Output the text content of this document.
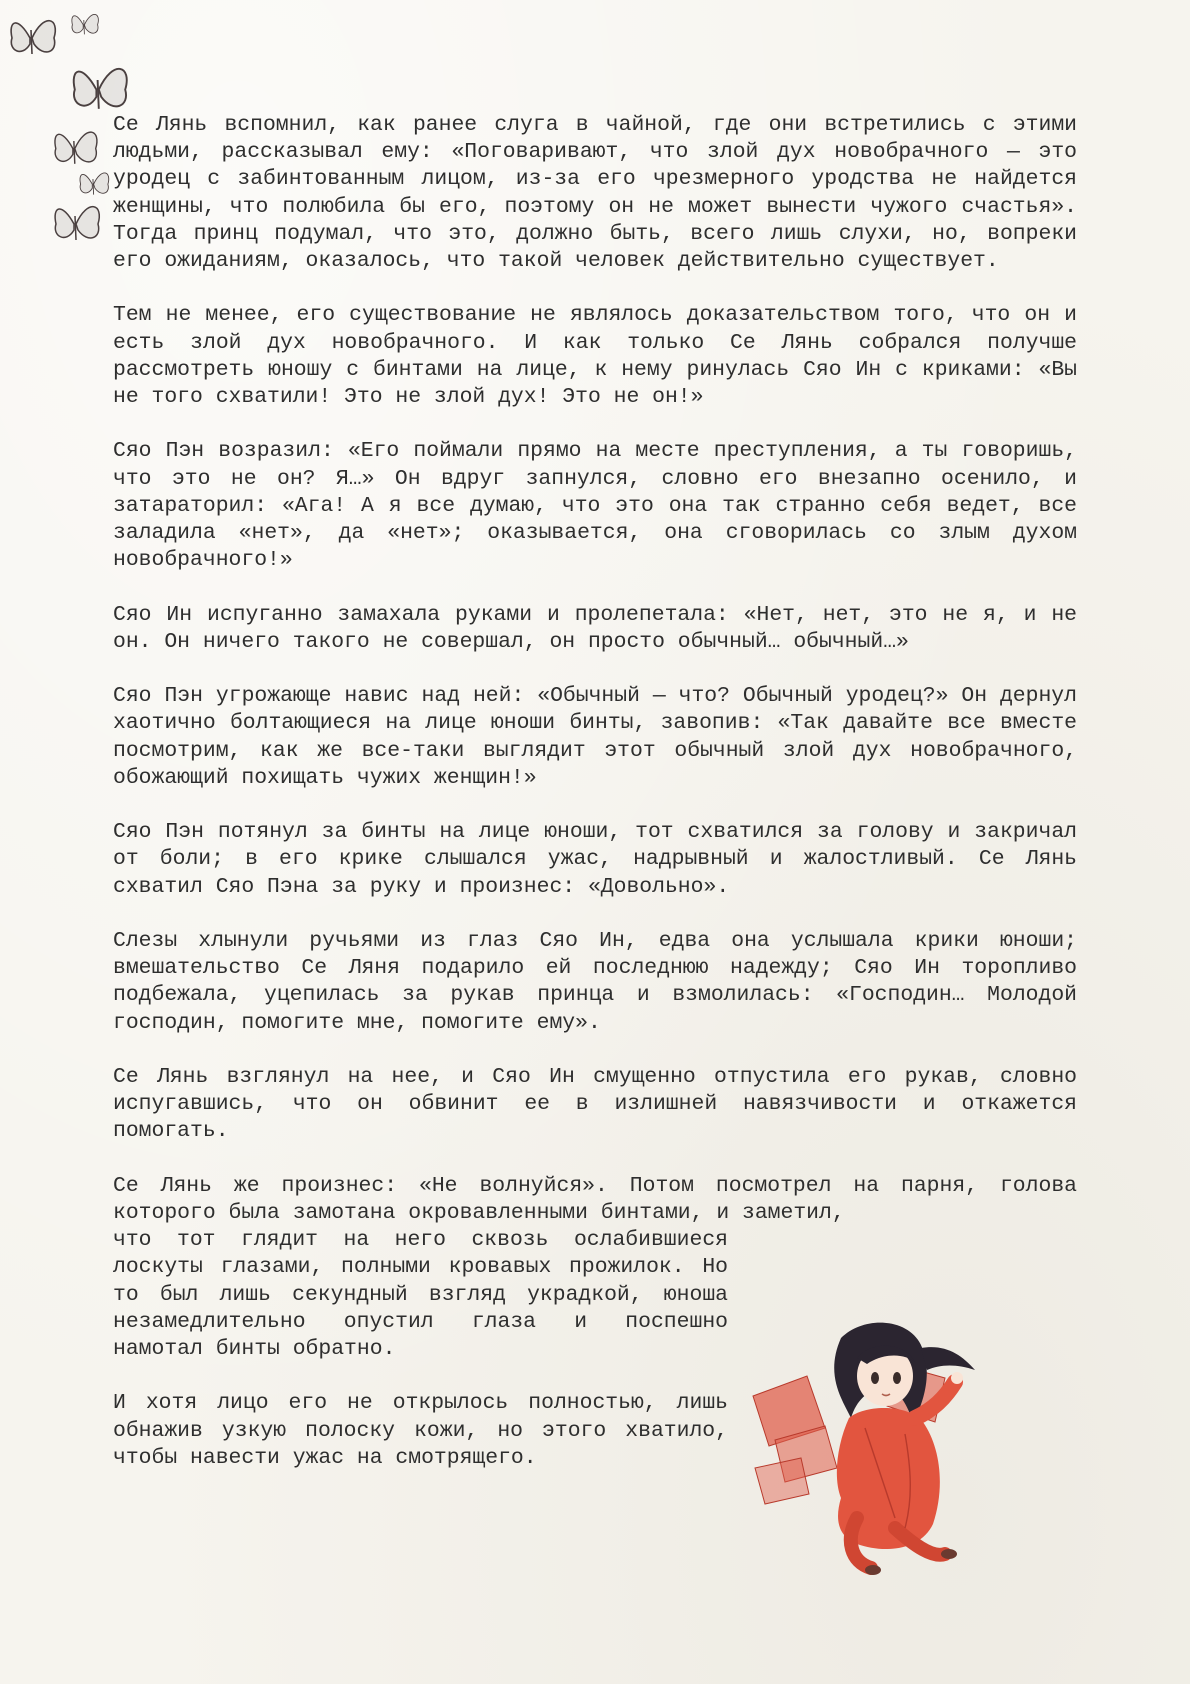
Се Лянь вспомнил, как ранее слуга в чайной, где они встретились с этими людьми, рассказывал ему: «Поговаривают, что злой дух новобрачного — это уродец с забинтованным лицом, из-за его чрезмерного уродства не найдется женщины, что полюбила бы его, поэтому он не может вынести чужого счастья». Тогда принц подумал, что это, должно быть, всего лишь слухи, но, вопреки его ожиданиям, оказалось, что такой человек действительно существует.

Тем не менее, его существование не являлось доказательством того, что он и есть злой дух новобрачного. И как только Се Лянь собрался получше рассмотреть юношу с бинтами на лице, к нему ринулась Сяо Ин с криками: «Вы не того схватили! Это не злой дух! Это не он!»

Сяо Пэн возразил: «Его поймали прямо на месте преступления, а ты говоришь, что это не он? Я…» Он вдруг запнулся, словно его внезапно осенило, и затараторил: «Ага! А я все думаю, что это она так странно себя ведет, все заладила «нет», да «нет»; оказывается, она сговорилась со злым духом новобрачного!»

Сяо Ин испуганно замахала руками и пролепетала: «Нет, нет, это не я, и не он. Он ничего такого не совершал, он просто обычный… обычный…»

Сяо Пэн угрожающе навис над ней: «Обычный — что? Обычный уродец?» Он дернул хаотично болтающиеся на лице юноши бинты, завопив: «Так давайте все вместе посмотрим, как же все-таки выглядит этот обычный злой дух новобрачного, обожающий похищать чужих женщин!»

Сяо Пэн потянул за бинты на лице юноши, тот схватился за голову и закричал от боли; в его крике слышался ужас, надрывный и жалостливый. Се Лянь схватил Сяо Пэна за руку и произнес: «Довольно».

Слезы хлынули ручьями из глаз Сяо Ин, едва она услышала крики юноши; вмешательство Се Ляня подарило ей последнюю надежду; Сяо Ин торопливо подбежала, уцепилась за рукав принца и взмолилась: «Господин… Молодой господин, помогите мне, помогите ему».

Се Лянь взглянул на нее, и Сяо Ин смущенно отпустила его рукав, словно испугавшись, что он обвинит ее в излишней навязчивости и откажется помогать.

Се Лянь же произнес: «Не волнуйся». Потом посмотрел на парня, голова которого была замотана окровавленными бинтами, и заметил,

что тот глядит на него сквозь ослабившиеся лоскуты глазами, полными кровавых прожилок. Но то был лишь секундный взгляд украдкой, юноша незамедлительно опустил глаза и поспешно намотал бинты обратно.

И хотя лицо его не открылось полностью, лишь обнажив узкую полоску кожи, но этого хватило, чтобы навести ужас на смотрящего.
